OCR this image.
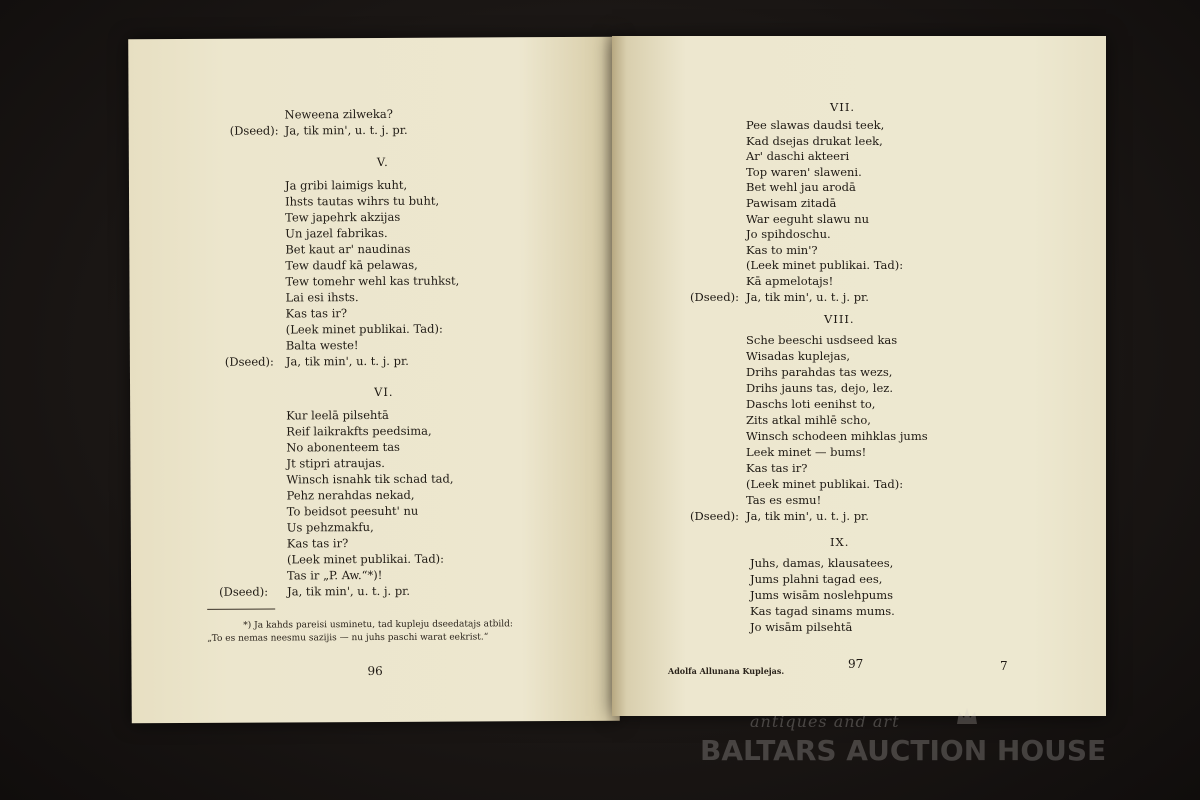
Neweena zilweka?
(Dseed): Ja, tik min', u. t. j. pr.
V.
Ja gribi laimigs kuht,
Ihsts tautas wihrs tu buht,
Tew japehrk akzijas
Un jazel fabrikas.
Bet kaut ar' naudinas
Tew daudf kā pelawas,
Tew tomehr wehl kas truhkst,
Lai esi ihsts.
Kas tas ir?
(Leek minet publikai. Tad):
Balta weste!
(Dseed): Ja, tik min', u. t. j. pr.
VI.
Kur leelā pilsehtā
Reif laikrakfts peedsima,
No abonenteem tas
Jt stipri atraujas.
Winsch isnahk tik schad tad,
Pehz nerahdas nekad,
To beidsot peesuht' nu
Us pehzmakfu,
Kas tas ir?
(Leek minet publikai. Tad):
Tas ir „P. Aw.“*)!
(Dseed): Ja, tik min', u. t. j. pr.
*) Ja kahds pareisi usminetu, tad kupleju dseedatajs atbild:
„To es nemas neesmu sazijis — nu juhs paschi warat eekrist.“
96
VII.
Pee slawas daudsi teek,
Kad dsejas drukat leek,
Ar' daschi akteeri
Top waren' slaweni.
Bet wehl jau arodā
Pawisam zitadā
War eeguht slawu nu
Jo spihdoschu.
Kas to min'?
(Leek minet publikai. Tad):
Kā apmelotajs!
(Dseed): Ja, tik min', u. t. j. pr.
VIII.
Sche beeschi usdseed kas
Wisadas kuplejas,
Drihs parahdas tas wezs,
Drihs jauns tas, dejo, lez.
Daschs loti eenihst to,
Zits atkal mihlē scho,
Winsch schodeen mihklas jums
Leek minet — bums!
Kas tas ir?
(Leek minet publikai. Tad):
Tas es esmu!
(Dseed): Ja, tik min', u. t. j. pr.
IX.
Juhs, damas, klausatees,
Jums plahni tagad ees,
Jums wisām noslehpums
Kas tagad sinams mums.
Jo wisām pilsehtā
Adolfa Allunana Kuplejas.	97	7
antiques and art
BALTARS AUCTION HOUSE
